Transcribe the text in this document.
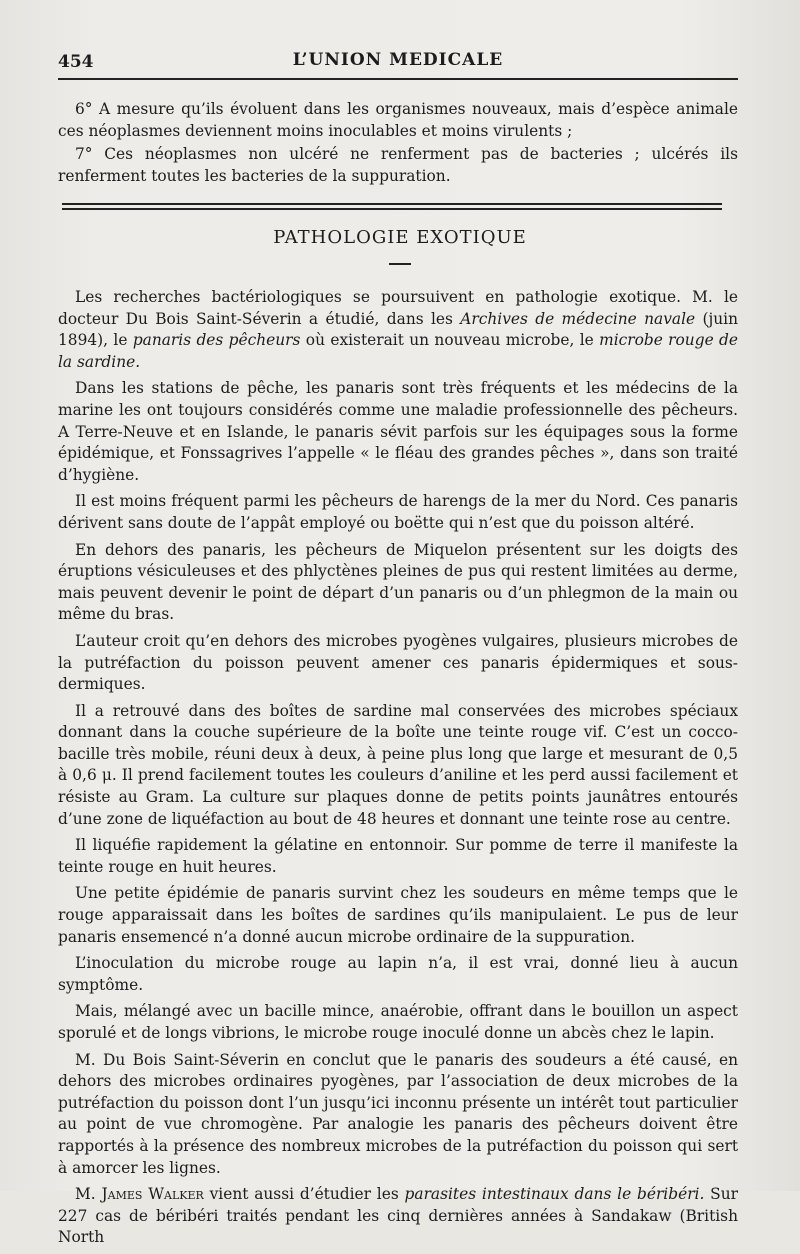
454	L’UNION MEDICALE

6° A mesure qu’ils évoluent dans les organismes nouveaux, mais d’espèce animale ces néoplasmes deviennent moins inoculables et moins virulents ;

7° Ces néoplasmes non ulcéré ne renferment pas de bacteries ; ulcérés ils renferment toutes les bacteries de la suppuration.

PATHOLOGIE EXOTIQUE

Les recherches bactériologiques se poursuivent en pathologie exotique. M. le docteur Du Bois Saint-Séverin a étudié, dans les Archives de médecine navale (juin 1894), le panaris des pêcheurs où existerait un nouveau microbe, le microbe rouge de la sardine.

Dans les stations de pêche, les panaris sont très fréquents et les médecins de la marine les ont toujours considérés comme une maladie professionnelle des pêcheurs. A Terre-Neuve et en Islande, le panaris sévit parfois sur les équipages sous la forme épidémique, et Fonssagrives l’appelle « le fléau des grandes pêches », dans son traité d’hygiène.

Il est moins fréquent parmi les pêcheurs de harengs de la mer du Nord. Ces panaris dérivent sans doute de l’appât employé ou boëtte qui n’est que du poisson altéré.

En dehors des panaris, les pêcheurs de Miquelon présentent sur les doigts des éruptions vésiculeuses et des phlyctènes pleines de pus qui restent limitées au derme, mais peuvent devenir le point de départ d’un panaris ou d’un phlegmon de la main ou même du bras.

L’auteur croit qu’en dehors des microbes pyogènes vulgaires, plusieurs microbes de la putréfaction du poisson peuvent amener ces panaris épidermiques et sous-dermiques.

Il a retrouvé dans des boîtes de sardine mal conservées des microbes spéciaux donnant dans la couche supérieure de la boîte une teinte rouge vif. C’est un cocco-bacille très mobile, réuni deux à deux, à peine plus long que large et mesurant de 0,5 à 0,6 μ. Il prend facilement toutes les couleurs d’aniline et les perd aussi facilement et résiste au Gram. La culture sur plaques donne de petits points jaunâtres entourés d’une zone de liquéfaction au bout de 48 heures et donnant une teinte rose au centre.

Il liquéfie rapidement la gélatine en entonnoir. Sur pomme de terre il manifeste la teinte rouge en huit heures.

Une petite épidémie de panaris survint chez les soudeurs en même temps que le rouge apparaissait dans les boîtes de sardines qu’ils manipulaient. Le pus de leur panaris ensemencé n’a donné aucun microbe ordinaire de la suppuration.

L’inoculation du microbe rouge au lapin n’a, il est vrai, donné lieu à aucun symptôme.

Mais, mélangé avec un bacille mince, anaérobie, offrant dans le bouillon un aspect sporulé et de longs vibrions, le microbe rouge inoculé donne un abcès chez le lapin.

M. Du Bois Saint-Séverin en conclut que le panaris des soudeurs a été causé, en dehors des microbes ordinaires pyogènes, par l’association de deux microbes de la putréfaction du poisson dont l’un jusqu’ici inconnu présente un intérêt tout particulier au point de vue chromogène. Par analogie les panaris des pêcheurs doivent être rapportés à la présence des nombreux microbes de la putréfaction du poisson qui sert à amorcer les lignes.

M. James Walker vient aussi d’étudier les parasites intestinaux dans le béribéri. Sur 227 cas de béribéri traités pendant les cinq dernières années à Sandakaw (British North
